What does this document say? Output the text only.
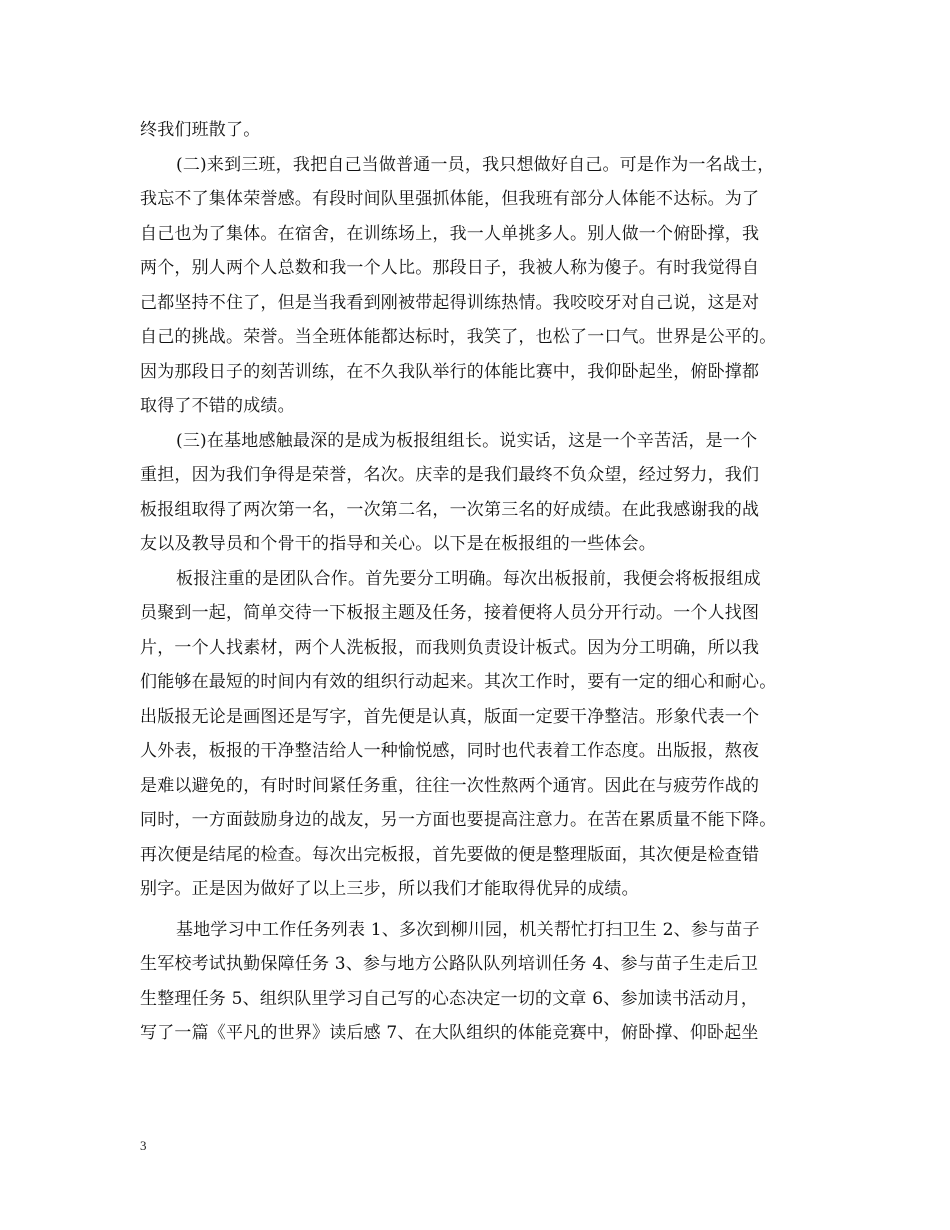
终我们班散了。
(二)来到三班，我把自己当做普通一员，我只想做好自己。可是作为一名战士，
我忘不了集体荣誉感。有段时间队里强抓体能，但我班有部分人体能不达标。为了
自己也为了集体。在宿舍，在训练场上，我一人单挑多人。别人做一个俯卧撑，我
两个，别人两个人总数和我一个人比。那段日子，我被人称为傻子。有时我觉得自
己都坚持不住了，但是当我看到刚被带起得训练热情。我咬咬牙对自己说，这是对
自己的挑战。荣誉。当全班体能都达标时，我笑了，也松了一口气。世界是公平的。
因为那段日子的刻苦训练，在不久我队举行的体能比赛中，我仰卧起坐，俯卧撑都
取得了不错的成绩。
(三)在基地感触最深的是成为板报组组长。说实话，这是一个辛苦活，是一个
重担，因为我们争得是荣誉，名次。庆幸的是我们最终不负众望，经过努力，我们
板报组取得了两次第一名，一次第二名，一次第三名的好成绩。在此我感谢我的战
友以及教导员和个骨干的指导和关心。以下是在板报组的一些体会。
板报注重的是团队合作。首先要分工明确。每次出板报前，我便会将板报组成
员聚到一起，简单交待一下板报主题及任务，接着便将人员分开行动。一个人找图
片，一个人找素材，两个人洗板报，而我则负责设计板式。因为分工明确，所以我
们能够在最短的时间内有效的组织行动起来。其次工作时，要有一定的细心和耐心。
出版报无论是画图还是写字，首先便是认真，版面一定要干净整洁。形象代表一个
人外表，板报的干净整洁给人一种愉悦感，同时也代表着工作态度。出版报，熬夜
是难以避免的，有时时间紧任务重，往往一次性熬两个通宵。因此在与疲劳作战的
同时，一方面鼓励身边的战友，另一方面也要提高注意力。在苦在累质量不能下降。
再次便是结尾的检查。每次出完板报，首先要做的便是整理版面，其次便是检查错
别字。正是因为做好了以上三步，所以我们才能取得优异的成绩。
基地学习中工作任务列表 1、多次到柳川园，机关帮忙打扫卫生 2、参与苗子
生军校考试执勤保障任务 3、参与地方公路队队列培训任务 4、参与苗子生走后卫
生整理任务 5、组织队里学习自己写的心态决定一切的文章 6、参加读书活动月，
写了一篇《平凡的世界》读后感 7、在大队组织的体能竞赛中，俯卧撑、仰卧起坐
3
